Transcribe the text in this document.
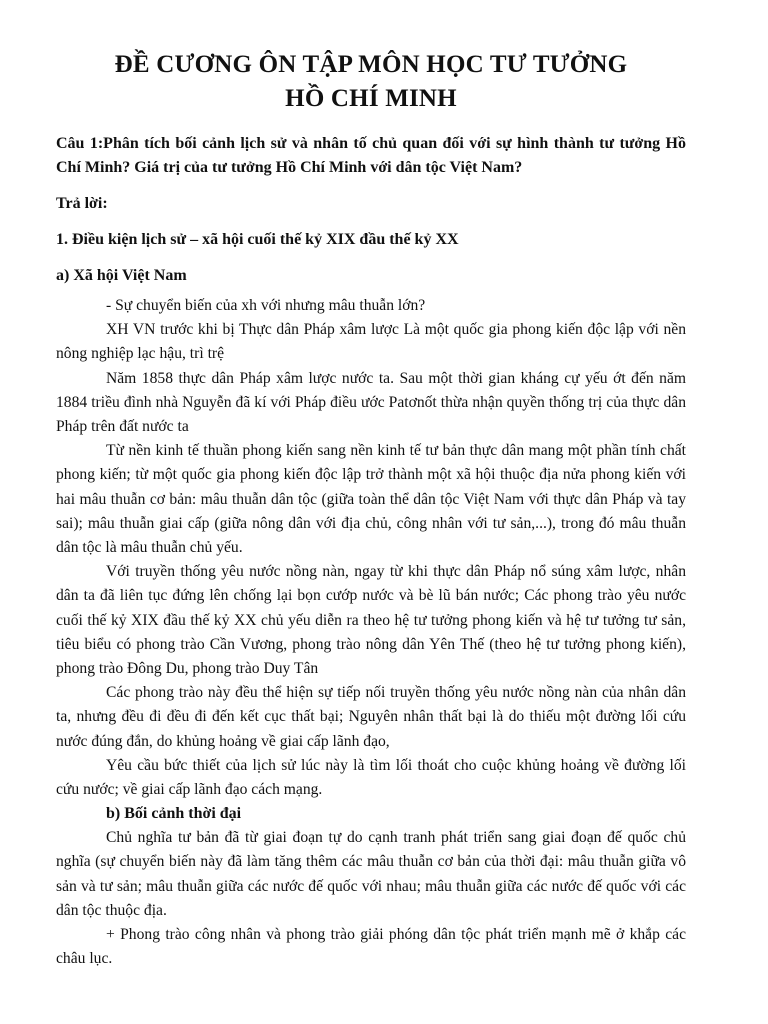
ĐỀ CƯƠNG ÔN TẬP MÔN HỌC TƯ TƯỞNG
HỒ CHÍ MINH

Câu 1:Phân tích bối cảnh lịch sử và nhân tố chủ quan đối với sự hình thành tư tưởng Hồ Chí Minh? Giá trị của tư tưởng Hồ Chí Minh với dân tộc Việt Nam?

Trả lời:

1. Điều kiện lịch sử – xã hội cuối thế kỷ XIX đầu thế kỷ XX

a) Xã hội Việt Nam

- Sự chuyển biến của xh với nhưng mâu thuẫn lớn?

XH VN trước khi bị Thực dân Pháp xâm lược Là một quốc gia phong kiến độc lập với nền nông nghiệp lạc hậu, trì trệ

Năm 1858 thực dân Pháp xâm lược nước ta. Sau một thời gian kháng cự yếu ớt đến năm 1884 triều đình nhà Nguyễn đã kí với Pháp điều ước Patơnốt thừa nhận quyền thống trị của thực dân Pháp trên đất nước ta

Từ nền kinh tế thuần phong kiến sang nền kinh tế tư bản thực dân mang một phần tính chất phong kiến; từ một quốc gia phong kiến độc lập trở thành một xã hội thuộc địa nửa phong kiến với hai mâu thuẫn cơ bản: mâu thuẫn dân tộc (giữa toàn thể dân tộc Việt Nam với thực dân Pháp và tay sai); mâu thuẫn giai cấp (giữa nông dân với địa chủ, công nhân với tư sản,...), trong đó mâu thuẫn dân tộc là mâu thuẫn chủ yếu.

Với truyền thống yêu nước nồng nàn, ngay từ khi thực dân Pháp nổ súng xâm lược, nhân dân ta đã liên tục đứng lên chống lại bọn cướp nước và bè lũ bán nước; Các phong trào yêu nước cuối thế kỷ XIX đầu thế kỷ XX chủ yếu diễn ra theo hệ tư tưởng phong kiến và hệ tư tưởng tư sản, tiêu biểu có phong trào Cần Vương, phong trào nông dân Yên Thế (theo hệ tư tưởng phong kiến), phong trào Đông Du, phong trào Duy Tân

Các phong trào này đều thể hiện sự tiếp nối truyền thống yêu nước nồng nàn của nhân dân ta, nhưng đều đi đều đi đến kết cục thất bại; Nguyên nhân thất bại là do thiếu một đường lối cứu nước đúng đắn, do khủng hoảng về giai cấp lãnh đạo,

Yêu cầu bức thiết của lịch sử lúc này là tìm lối thoát cho cuộc khủng hoảng về đường lối cứu nước; về giai cấp lãnh đạo cách mạng.

b) Bối cảnh thời đại

Chủ nghĩa tư bản đã từ giai đoạn tự do cạnh tranh phát triển sang giai đoạn đế quốc chủ nghĩa (sự chuyển biến này đã làm tăng thêm các mâu thuẫn cơ bản của thời đại: mâu thuẫn giữa vô sản và tư sản; mâu thuẫn giữa các nước đế quốc với nhau; mâu thuẫn giữa các nước đế quốc với các dân tộc thuộc địa.

+ Phong trào công nhân và phong trào giải phóng dân tộc phát triển mạnh mẽ ở khắp các châu lục.
